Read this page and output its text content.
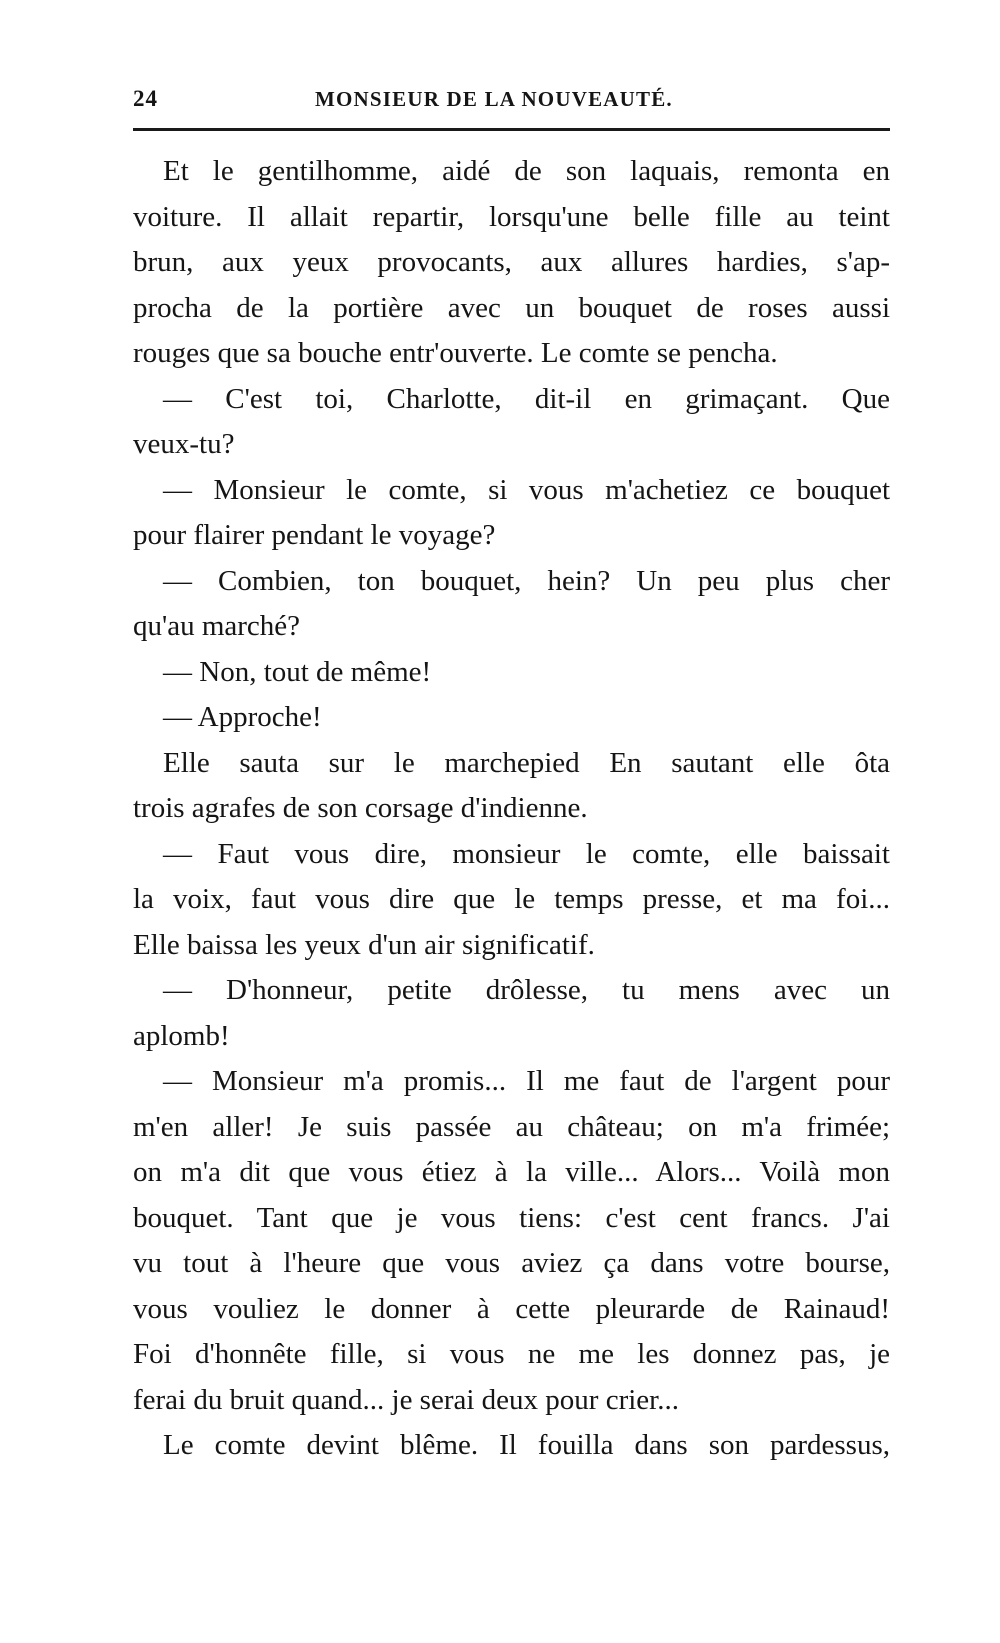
24	MONSIEUR DE LA NOUVEAUTÉ.
Et le gentilhomme, aidé de son laquais, remonta en
voiture. Il allait repartir, lorsqu'une belle fille au teint
brun, aux yeux provocants, aux allures hardies, s'ap-
procha de la portière avec un bouquet de roses aussi
rouges que sa bouche entr'ouverte. Le comte se pencha.
— C'est toi, Charlotte, dit-il en grimaçant. Que
veux-tu?
— Monsieur le comte, si vous m'achetiez ce bouquet
pour flairer pendant le voyage?
— Combien, ton bouquet, hein? Un peu plus cher
qu'au marché?
— Non, tout de même!
— Approche!
Elle sauta sur le marchepied En sautant elle ôta
trois agrafes de son corsage d'indienne.
— Faut vous dire, monsieur le comte, elle baissait
la voix, faut vous dire que le temps presse, et ma foi...
Elle baissa les yeux d'un air significatif.
— D'honneur, petite drôlesse, tu mens avec un
aplomb!
— Monsieur m'a promis... Il me faut de l'argent pour
m'en aller! Je suis passée au château; on m'a frimée;
on m'a dit que vous étiez à la ville... Alors... Voilà mon
bouquet. Tant que je vous tiens: c'est cent francs. J'ai
vu tout à l'heure que vous aviez ça dans votre bourse,
vous vouliez le donner à cette pleurarde de Rainaud!
Foi d'honnête fille, si vous ne me les donnez pas, je
ferai du bruit quand... je serai deux pour crier...
Le comte devint blême. Il fouilla dans son pardessus,
